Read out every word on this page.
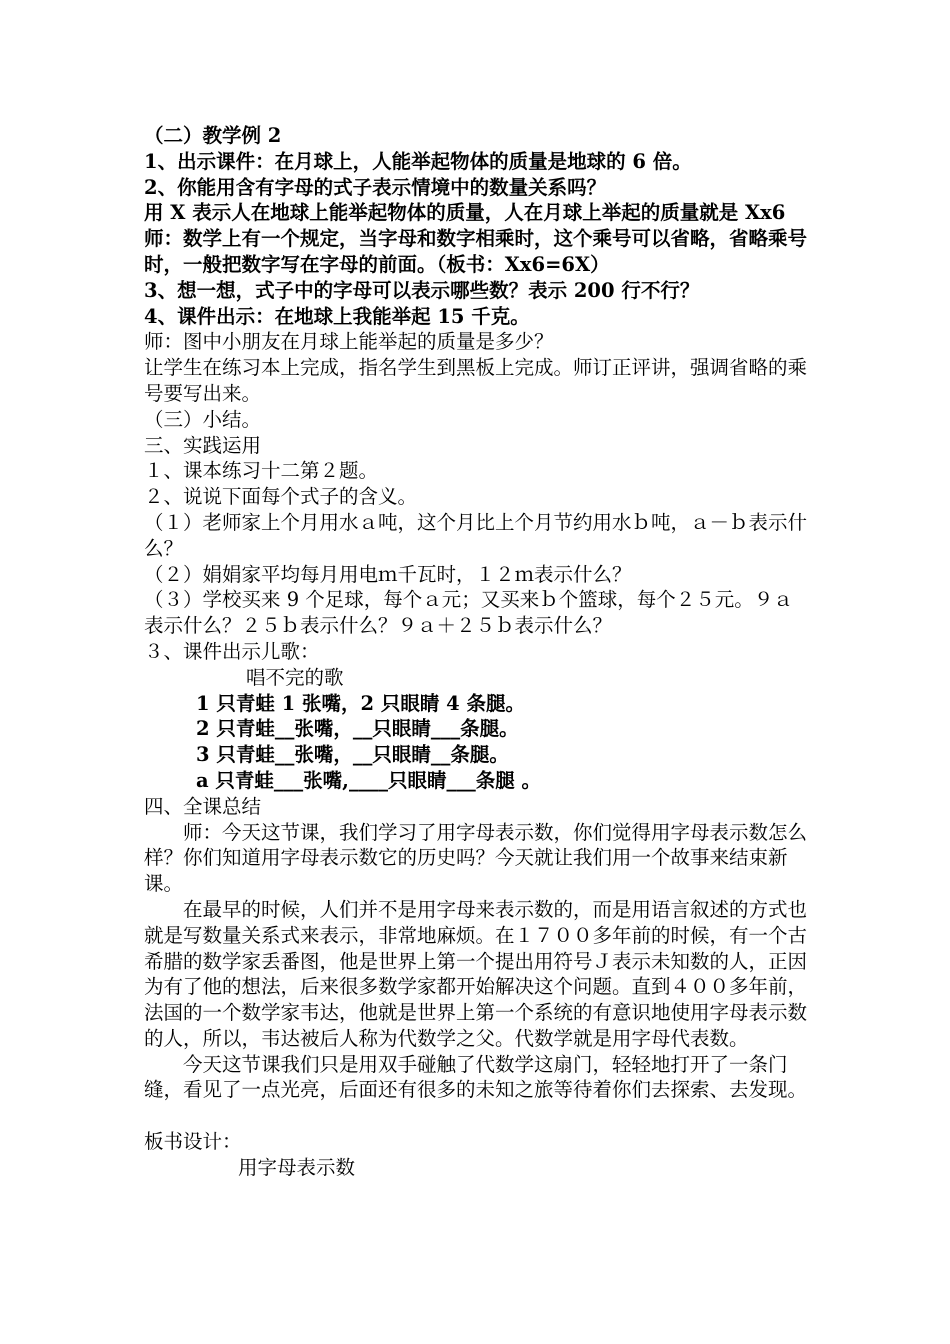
（二）教学例 2
1、出示课件：在月球上，人能举起物体的质量是地球的 6 倍。
2、你能用含有字母的式子表示情境中的数量关系吗？
用 X 表示人在地球上能举起物体的质量，人在月球上举起的质量就是 Xx6
师：数学上有一个规定，当字母和数字相乘时，这个乘号可以省略，省略乘号时，一般把数字写在字母的前面。（板书：Xx6=6X）
3、想一想，式子中的字母可以表示哪些数？表示 200 行不行？
4、课件出示：在地球上我能举起 15 千克。
师：图中小朋友在月球上能举起的质量是多少？
让学生在练习本上完成，指名学生到黑板上完成。师订正评讲，强调省略的乘号要写出来。
（三）小结。
三、实践运用
１、课本练习十二第２题。
２、说说下面每个式子的含义。
（１）老师家上个月用水ａ吨，这个月比上个月节约用水ｂ吨，ａ－ｂ表示什么？
（２）娟娟家平均每月用电ｍ千瓦时，１２ｍ表示什么？
（３）学校买来 9 个足球，每个ａ元；又买来ｂ个篮球，每个２５元。９ａ表示什么？２５ｂ表示什么？９ａ＋２５ｂ表示什么？
３、课件出示儿歌：
唱不完的歌
1 只青蛙 1 张嘴，2 只眼睛 4 条腿。
2 只青蛙__张嘴，__只眼睛___条腿。
3 只青蛙__张嘴，__只眼睛__条腿。
a 只青蛙___张嘴,____只眼睛___条腿 。
四、全课总结
师：今天这节课，我们学习了用字母表示数，你们觉得用字母表示数怎么样？你们知道用字母表示数它的历史吗？今天就让我们用一个故事来结束新课。
在最早的时候，人们并不是用字母来表示数的，而是用语言叙述的方式也就是写数量关系式来表示，非常地麻烦。在１７００多年前的时候，有一个古希腊的数学家丢番图，他是世界上第一个提出用符号Ｊ表示未知数的人，正因为有了他的想法，后来很多数学家都开始解决这个问题。直到４００多年前，法国的一个数学家韦达，他就是世界上第一个系统的有意识地使用字母表示数的人，所以，韦达被后人称为代数学之父。代数学就是用字母代表数。
今天这节课我们只是用双手碰触了代数学这扇门，轻轻地打开了一条门缝，看见了一点光亮，后面还有很多的未知之旅等待着你们去探索、去发现。
板书设计：
用字母表示数
